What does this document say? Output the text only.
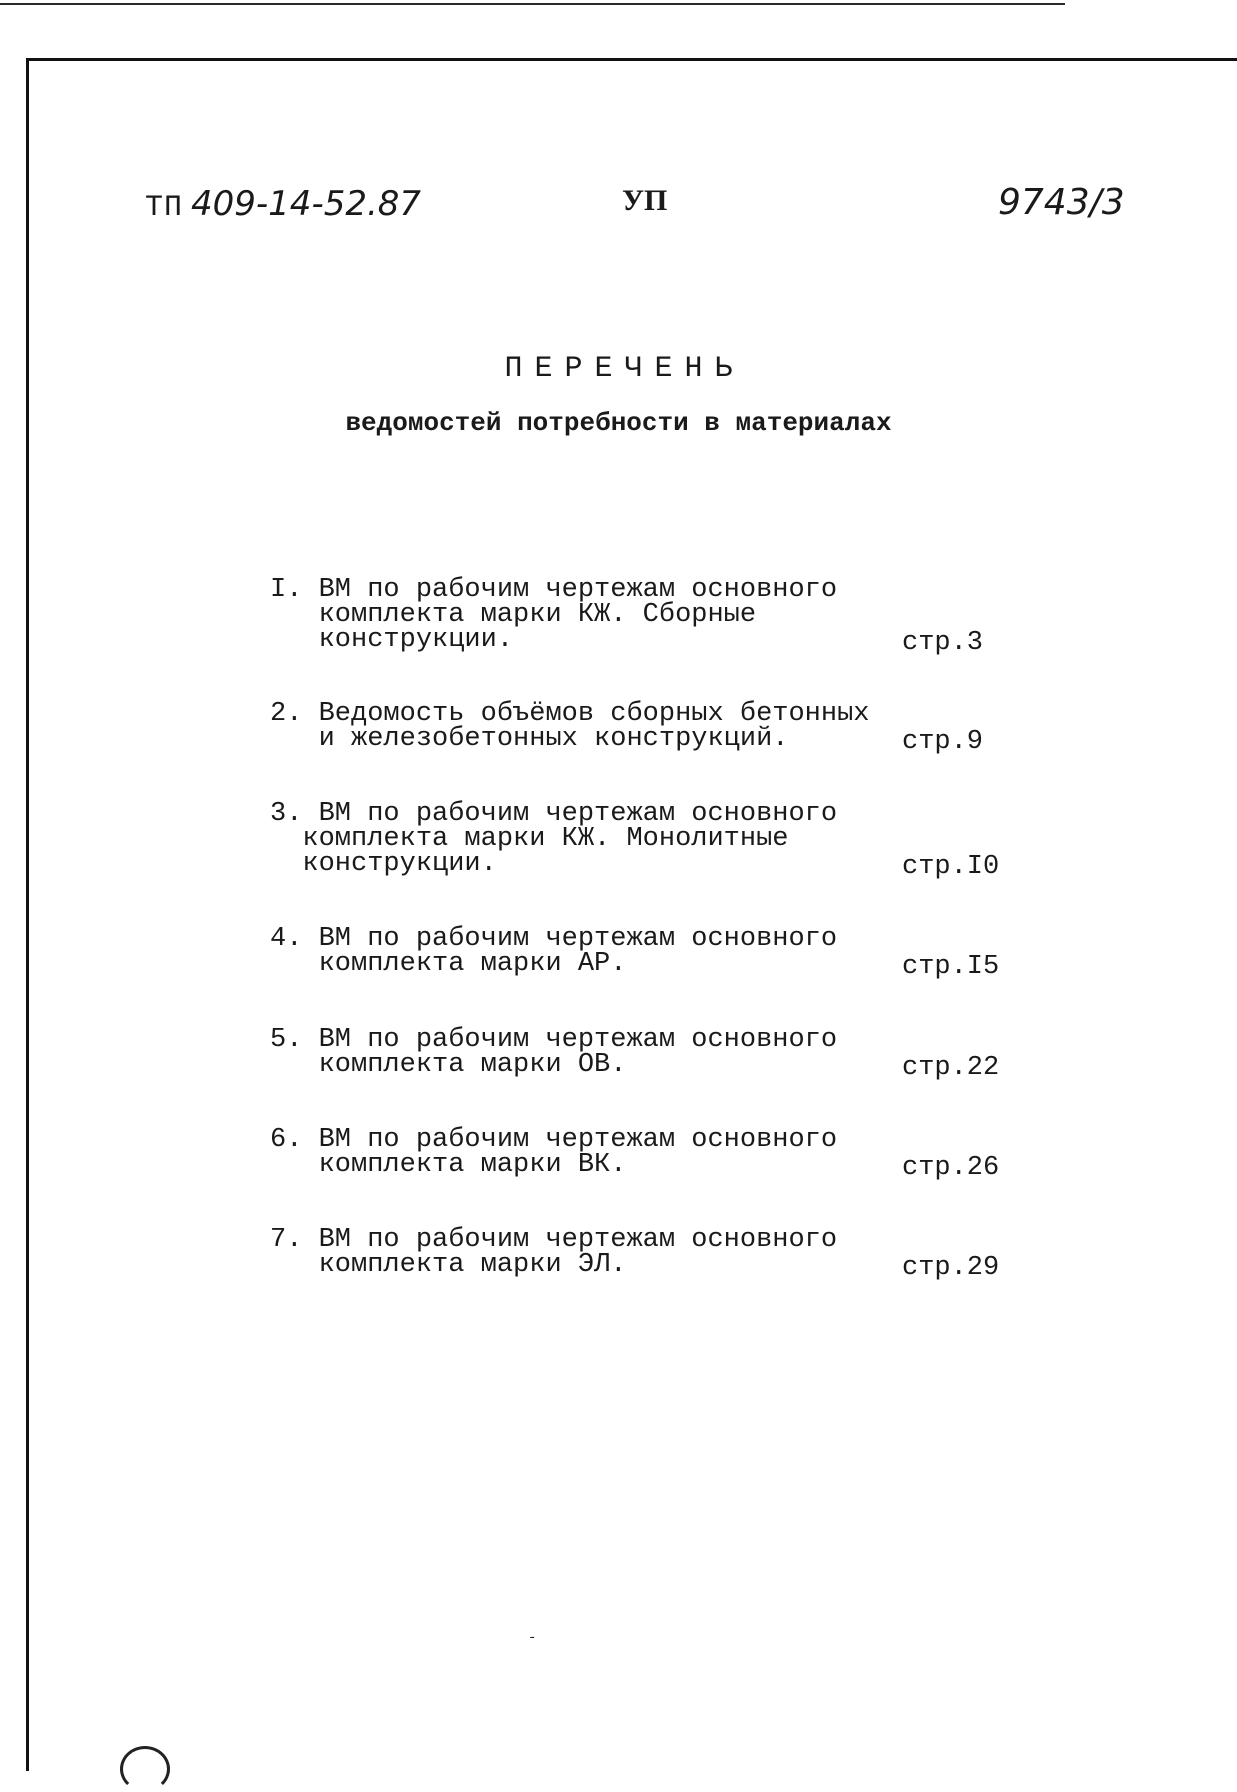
ТП 409-14-52.87	УП	9743/3
ПЕРЕЧЕНЬ
ведомостей потребности в материалах
I. ВМ по рабочим чертежам основного
комплекта марки КЖ. Сборные
конструкции.	стр.3
2. Ведомость объёмов сборных бетонных
и железобетонных конструкций.	стр.9
3. ВМ по рабочим чертежам основного
комплекта марки КЖ. Монолитные
конструкции.	стр.I0
4. ВМ по рабочим чертежам основного
комплекта марки АР.	стр.I5
5. ВМ по рабочим чертежам основного
комплекта марки ОВ.	стр.22
6. ВМ по рабочим чертежам основного
комплекта марки ВК.	стр.26
7. ВМ по рабочим чертежам основного
комплекта марки ЭЛ.	стр.29
-
